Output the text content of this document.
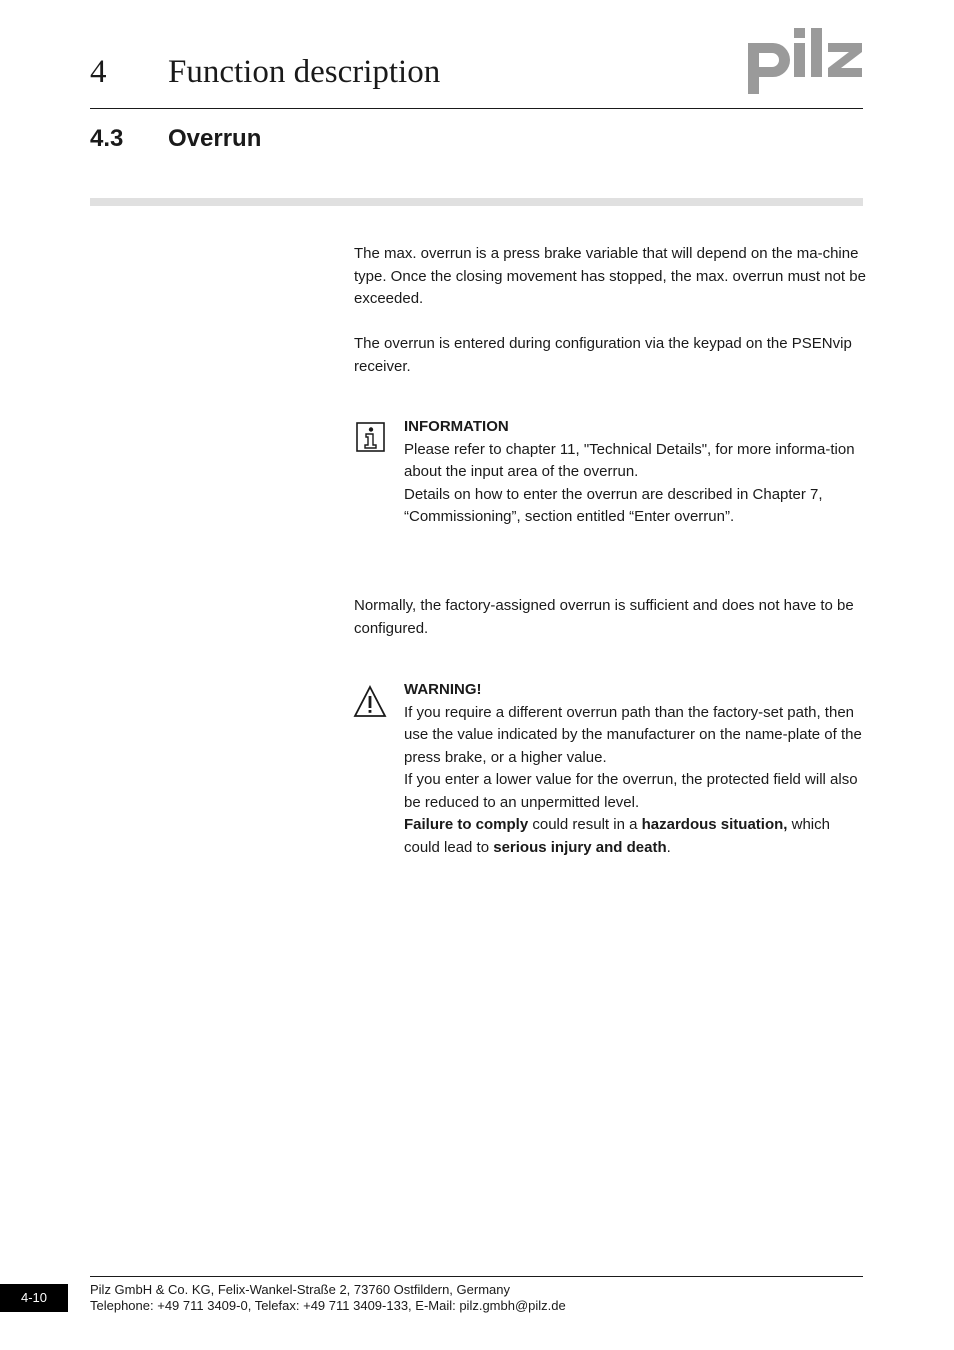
4 Function description
4.3 Overrun

The max. overrun is a press brake variable that will depend on the ma-chine type. Once the closing movement has stopped, the max. overrun must not be exceeded.

The overrun is entered during configuration via the keypad on the PSENvip receiver.

INFORMATION

Please refer to chapter 11, "Technical Details", for more informa-tion about the input area of the overrun.

Details on how to enter the overrun are described in Chapter 7, “Commissioning”, section entitled “Enter overrun”.

Normally, the factory-assigned overrun is sufficient and does not have to be configured.

WARNING!

If you require a different overrun path than the factory-set path, then use the value indicated by the manufacturer on the name-plate of the press brake, or a higher value.

If you enter a lower value for the overrun, the protected field will also be reduced to an unpermitted level.

Failure to comply could result in a hazardous situation, which could lead to serious injury and death.

4-10

Pilz GmbH & Co. KG, Felix-Wankel-Straße 2, 73760 Ostfildern, Germany

Telephone: +49 711 3409-0, Telefax: +49 711 3409-133, E-Mail: pilz.gmbh@pilz.de
